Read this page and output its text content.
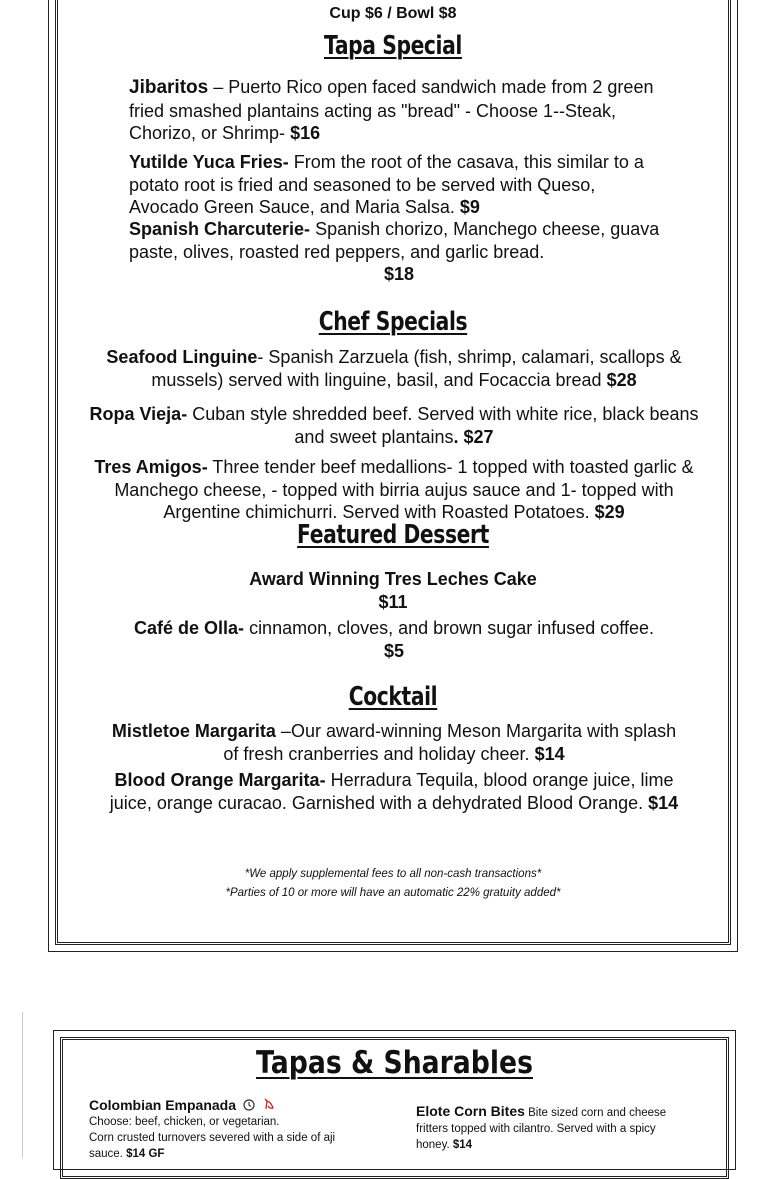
Cup $6 / Bowl $8
Tapa Special
Jibaritos – Puerto Rico open faced sandwich made from 2 green fried smashed plantains acting as "bread" - Choose 1--Steak, Chorizo, or Shrimp- $16
Yutilde Yuca Fries- From the root of the casava, this similar to a potato root is fried and seasoned to be served with Queso, Avocado Green Sauce, and Maria Salsa. $9
Spanish Charcuterie- Spanish chorizo, Manchego cheese, guava paste, olives, roasted red peppers, and garlic bread.
$18
Chef Specials
Seafood Linguine- Spanish Zarzuela (fish, shrimp, calamari, scallops & mussels) served with linguine, basil, and Focaccia bread $28
Ropa Vieja- Cuban style shredded beef. Served with white rice, black beans and sweet plantains. $27
Tres Amigos- Three tender beef medallions- 1 topped with toasted garlic & Manchego cheese, - topped with birria aujus sauce and 1- topped with Argentine chimichurri. Served with Roasted Potatoes. $29
Featured Dessert
Award Winning Tres Leches Cake
$11
Café de Olla- cinnamon, cloves, and brown sugar infused coffee. $5
Cocktail
Mistletoe Margarita –Our award-winning Meson Margarita with splash of fresh cranberries and holiday cheer. $14
Blood Orange Margarita- Herradura Tequila, blood orange juice, lime juice, orange curacao. Garnished with a dehydrated Blood Orange. $14
*We apply supplemental fees to all non-cash transactions*
*Parties of 10 or more will have an automatic 22% gratuity added*
Tapas & Sharables
Colombian Empanada
Choose: beef, chicken, or vegetarian.
Corn crusted turnovers severed with a side of aji
sauce. $14 GF
Elote Corn Bites Bite sized corn and cheese
fritters topped with cilantro. Served with a spicy
honey. $14
